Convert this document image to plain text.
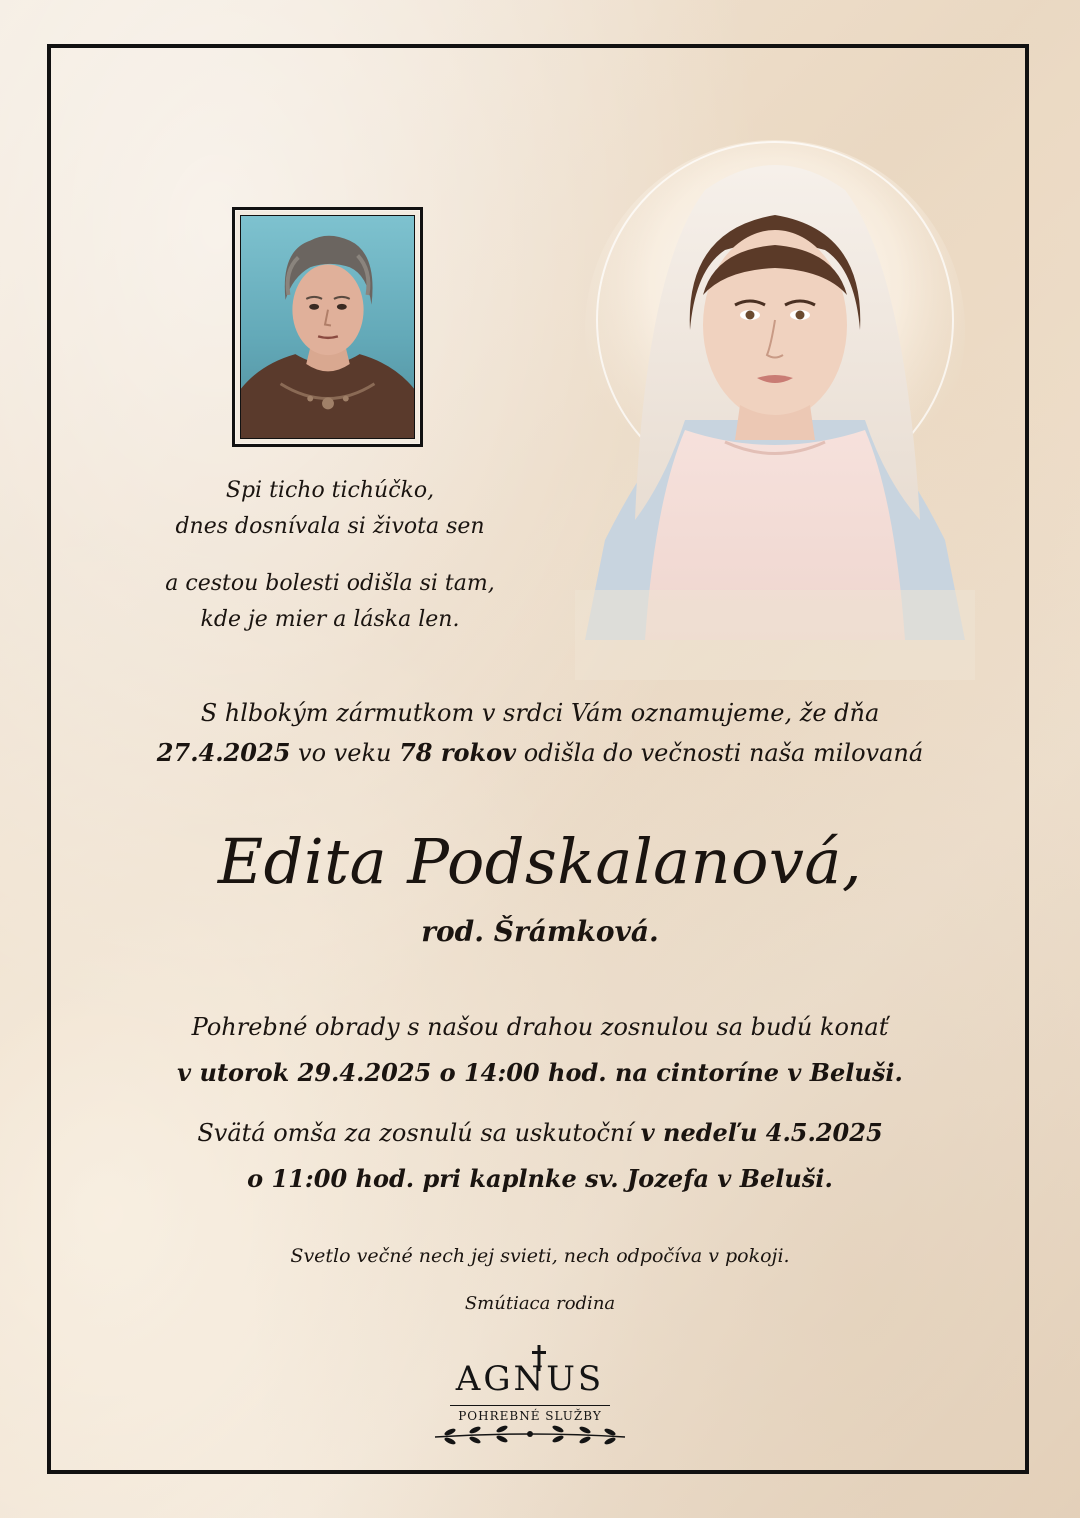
Spi ticho tichúčko,
dnes dosnívala si života sen
a cestou bolesti odišla si tam,
kde je mier a láska len.
S hlbokým zármutkom v srdci Vám oznamujeme, že dňa
27.4.2025 vo veku 78 rokov odišla do večnosti naša milovaná
Edita Podskalanová,
rod. Šrámková.
Pohrebné obrady s našou drahou zosnulou sa budú konať
v utorok 29.4.2025 o 14:00 hod. na cintoríne v Beluši.
Svätá omša za zosnulú sa uskutoční v nedeľu 4.5.2025
o 11:00 hod. pri kaplnke sv. Jozefa v Beluši.
Svetlo večné nech jej svieti, nech odpočíva v pokoji.
Smútiaca rodina
AGNUS
POHREBNÉ SLUŽBY
